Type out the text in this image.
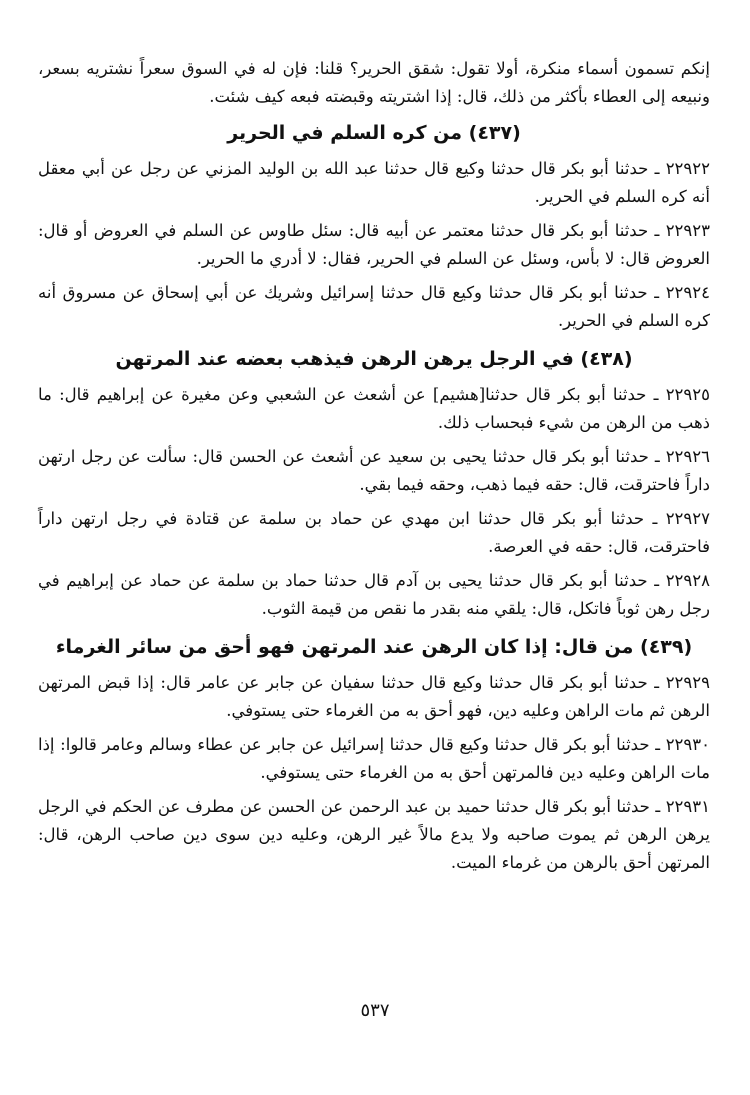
إنكم تسمون أسماء منكرة، أولا تقول: شقق الحرير؟ قلنا: فإن له في السوق سعراً نشتريه بسعر، ونبيعه إلى العطاء بأكثر من ذلك، قال: إذا اشتريته وقبضته فبعه كيف شئت.

(٤٣٧) من كره السلم في الحرير

٢٢٩٢٢ ـ حدثنا أبو بكر قال حدثنا وكيع قال حدثنا عبد الله بن الوليد المزني عن رجل عن أبي معقل أنه كره السلم في الحرير.

٢٢٩٢٣ ـ حدثنا أبو بكر قال حدثنا معتمر عن أبيه قال: سئل طاوس عن السلم في العروض أو قال: العروض قال: لا بأس، وسئل عن السلم في الحرير، فقال: لا أدري ما الحرير.

٢٢٩٢٤ ـ حدثنا أبو بكر قال حدثنا وكيع قال حدثنا إسرائيل وشريك عن أبي إسحاق عن مسروق أنه كره السلم في الحرير.

(٤٣٨) في الرجل يرهن الرهن فيذهب بعضه عند المرتهن

٢٢٩٢٥ ـ حدثنا أبو بكر قال حدثنا[هشيم] عن أشعث عن الشعبي وعن مغيرة عن إبراهيم قال: ما ذهب من الرهن من شيء فبحساب ذلك.

٢٢٩٢٦ ـ حدثنا أبو بكر قال حدثنا يحيى بن سعيد عن أشعث عن الحسن قال: سألت عن رجل ارتهن داراً فاحترقت، قال: حقه فيما ذهب، وحقه فيما بقي.

٢٢٩٢٧ ـ حدثنا أبو بكر قال حدثنا ابن مهدي عن حماد بن سلمة عن قتادة في رجل ارتهن داراً فاحترقت، قال: حقه في العرصة.

٢٢٩٢٨ ـ حدثنا أبو بكر قال حدثنا يحيى بن آدم قال حدثنا حماد بن سلمة عن حماد عن إبراهيم في رجل رهن ثوباً فاتكل، قال: يلقي منه بقدر ما نقص من قيمة الثوب.

(٤٣٩) من قال: إذا كان الرهن عند المرتهن فهو أحق من سائر الغرماء

٢٢٩٢٩ ـ حدثنا أبو بكر قال حدثنا وكيع قال حدثنا سفيان عن جابر عن عامر قال: إذا قبض المرتهن الرهن ثم مات الراهن وعليه دين، فهو أحق به من الغرماء حتى يستوفي.

٢٢٩٣٠ ـ حدثنا أبو بكر قال حدثنا وكيع قال حدثنا إسرائيل عن جابر عن عطاء وسالم وعامر قالوا: إذا مات الراهن وعليه دين فالمرتهن أحق به من الغرماء حتى يستوفي.

٢٢٩٣١ ـ حدثنا أبو بكر قال حدثنا حميد بن عبد الرحمن عن الحسن عن مطرف عن الحكم في الرجل يرهن الرهن ثم يموت صاحبه ولا يدع مالاً غير الرهن، وعليه دين سوى دين صاحب الرهن، قال: المرتهن أحق بالرهن من غرماء الميت.

٥٣٧
